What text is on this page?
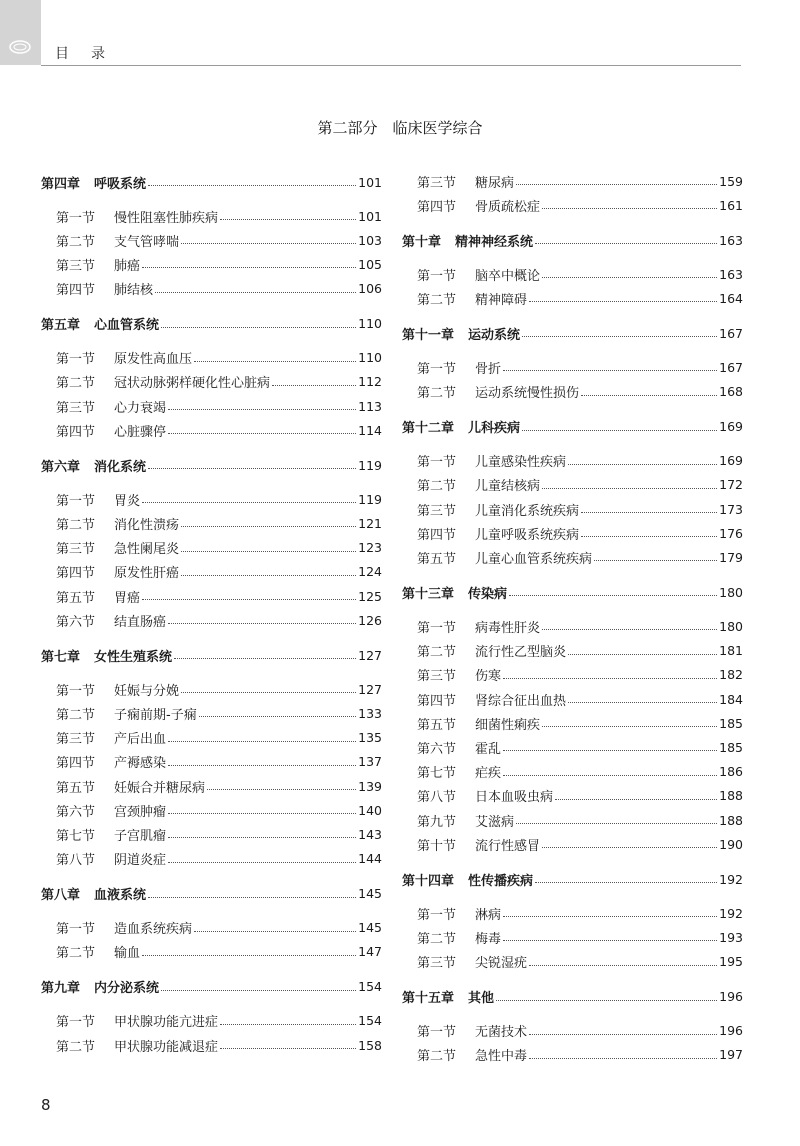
目录
第二部分　临床医学综合
第四章 呼吸系统	101
第一节	慢性阻塞性肺疾病	101
第二节	支气管哮喘	103
第三节	肺癌	105
第四节	肺结核	106
第五章 心血管系统	110
第一节	原发性高血压	110
第二节	冠状动脉粥样硬化性心脏病	112
第三节	心力衰竭	113
第四节	心脏骤停	114
第六章 消化系统	119
第一节	胃炎	119
第二节	消化性溃疡	121
第三节	急性阑尾炎	123
第四节	原发性肝癌	124
第五节	胃癌	125
第六节	结直肠癌	126
第七章 女性生殖系统	127
第一节	妊娠与分娩	127
第二节	子痫前期-子痫	133
第三节	产后出血	135
第四节	产褥感染	137
第五节	妊娠合并糖尿病	139
第六节	宫颈肿瘤	140
第七节	子宫肌瘤	143
第八节	阴道炎症	144
第八章 血液系统	145
第一节	造血系统疾病	145
第二节	输血	147
第九章 内分泌系统	154
第一节	甲状腺功能亢进症	154
第二节	甲状腺功能减退症	158
第三节	糖尿病	159
第四节	骨质疏松症	161
第十章 精神神经系统	163
第一节	脑卒中概论	163
第二节	精神障碍	164
第十一章 运动系统	167
第一节	骨折	167
第二节	运动系统慢性损伤	168
第十二章 儿科疾病	169
第一节	儿童感染性疾病	169
第二节	儿童结核病	172
第三节	儿童消化系统疾病	173
第四节	儿童呼吸系统疾病	176
第五节	儿童心血管系统疾病	179
第十三章 传染病	180
第一节	病毒性肝炎	180
第二节	流行性乙型脑炎	181
第三节	伤寒	182
第四节	肾综合征出血热	184
第五节	细菌性痢疾	185
第六节	霍乱	185
第七节	疟疾	186
第八节	日本血吸虫病	188
第九节	艾滋病	188
第十节	流行性感冒	190
第十四章 性传播疾病	192
第一节	淋病	192
第二节	梅毒	193
第三节	尖锐湿疣	195
第十五章 其他	196
第一节	无菌技术	196
第二节	急性中毒	197
8
